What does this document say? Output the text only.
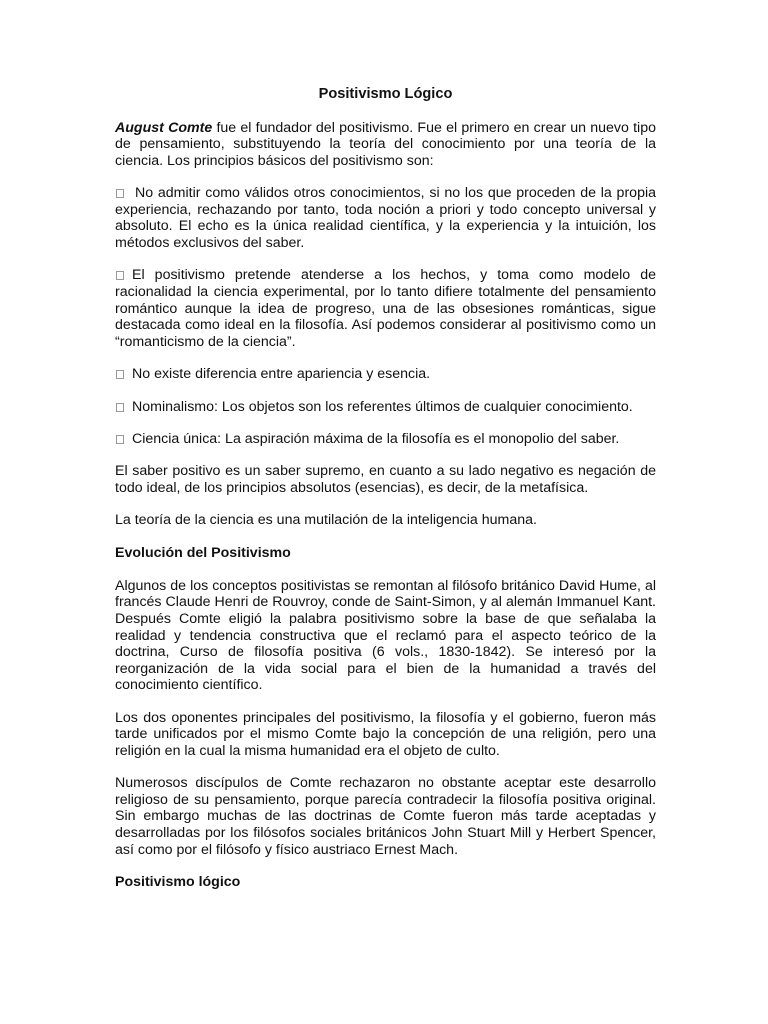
Positivismo Lógico

August Comte fue el fundador del positivismo. Fue el primero en crear un nuevo tipo de pensamiento, substituyendo la teoría del conocimiento por una teoría de la ciencia. Los principios básicos del positivismo son:

No admitir como válidos otros conocimientos, si no los que proceden de la propia experiencia, rechazando por tanto, toda noción a priori y todo concepto universal y absoluto. El echo es la única realidad científica, y la experiencia y la intuición, los métodos exclusivos del saber.

El positivismo pretende atenderse a los hechos, y toma como modelo de racionalidad la ciencia experimental, por lo tanto difiere totalmente del pensamiento romántico aunque la idea de progreso, una de las obsesiones románticas, sigue destacada como ideal en la filosofía. Así podemos considerar al positivismo como un “romanticismo de la ciencia”.

No existe diferencia entre apariencia y esencia.

Nominalismo: Los objetos son los referentes últimos de cualquier conocimiento.

Ciencia única: La aspiración máxima de la filosofía es el monopolio del saber.

El saber positivo es un saber supremo, en cuanto a su lado negativo es negación de todo ideal, de los principios absolutos (esencias), es decir, de la metafísica.

La teoría de la ciencia es una mutilación de la inteligencia humana.

Evolución del Positivismo

Algunos de los conceptos positivistas se remontan al filósofo británico David Hume, al francés Claude Henri de Rouvroy, conde de Saint-Simon, y al alemán Immanuel Kant. Después Comte eligió la palabra positivismo sobre la base de que señalaba la realidad y tendencia constructiva que el reclamó para el aspecto teórico de la doctrina, Curso de filosofía positiva (6 vols., 1830-1842). Se interesó por la reorganización de la vida social para el bien de la humanidad a través del conocimiento científico.

Los dos oponentes principales del positivismo, la filosofía y el gobierno, fueron más tarde unificados por el mismo Comte bajo la concepción de una religión, pero una religión en la cual la misma humanidad era el objeto de culto.

Numerosos discípulos de Comte rechazaron no obstante aceptar este desarrollo religioso de su pensamiento, porque parecía contradecir la filosofía positiva original. Sin embargo muchas de las doctrinas de Comte fueron más tarde aceptadas y desarrolladas por los filósofos sociales británicos John Stuart Mill y Herbert Spencer, así como por el filósofo y físico austriaco Ernest Mach.

Positivismo lógico
